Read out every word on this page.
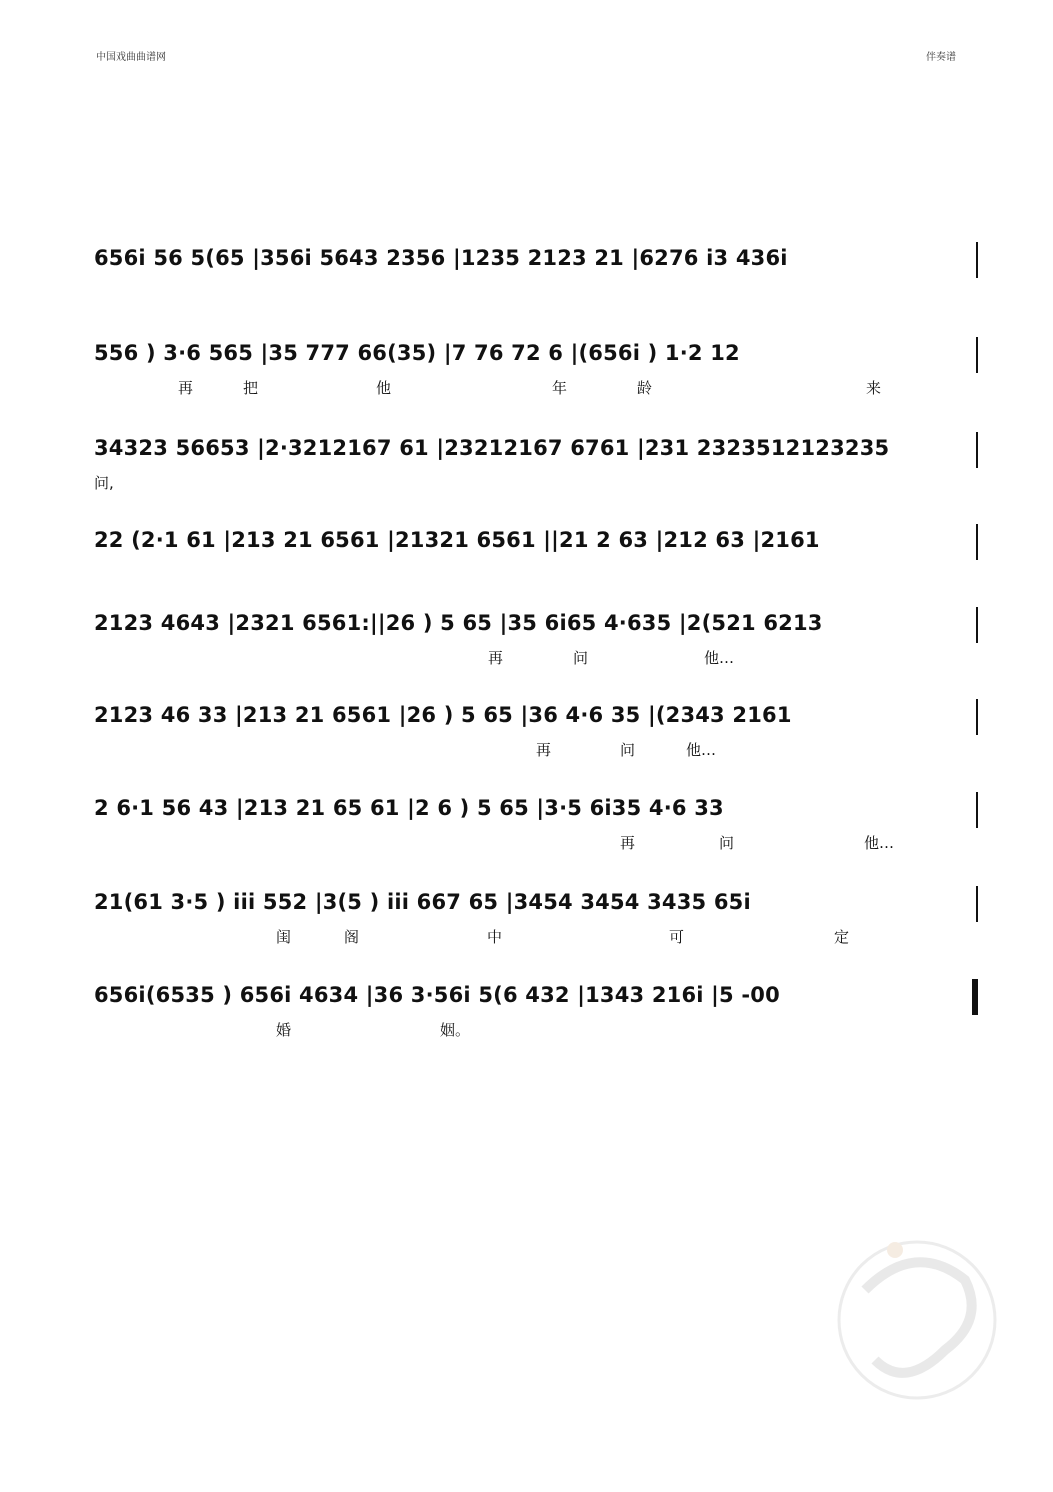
中国戏曲曲谱网	伴奏谱
656i 56 5(65 |356i 5643 2356 |1235 2123 21 |6276 i3 436i
556 ) 3·6 565 |35 777 66(35) |7 76 72 6 |(656i ) 1·2 12
再	把	他	年	龄	来
34323 56653 |2·3212167 61 |23212167 6761 |231 2323512123235
问,
22 (2·1 61 |213 21 6561 |21321 6561 ||21 2 63 |212 63 |2161
2123 4643 |2321 6561:||26 ) 5 65 |35 6i65 4·635 |2(521 6213
再	问	他…
2123 46 33 |213 21 6561 |26 ) 5 65 |36 4·6 35 |(2343 2161
再	问	他…
2 6·1 56 43 |213 21 65 61 |2 6 ) 5 65 |3·5 6i35 4·6 33
再	问	他…
21(61 3·5 ) iii 552 |3(5 ) iii 667 65 |3454 3454 3435 65i
闺	阁	中	可	定
656i(6535 ) 656i 4634 |36 3·56i 5(6 432 |1343 216i |5 -00
婚	姻。
